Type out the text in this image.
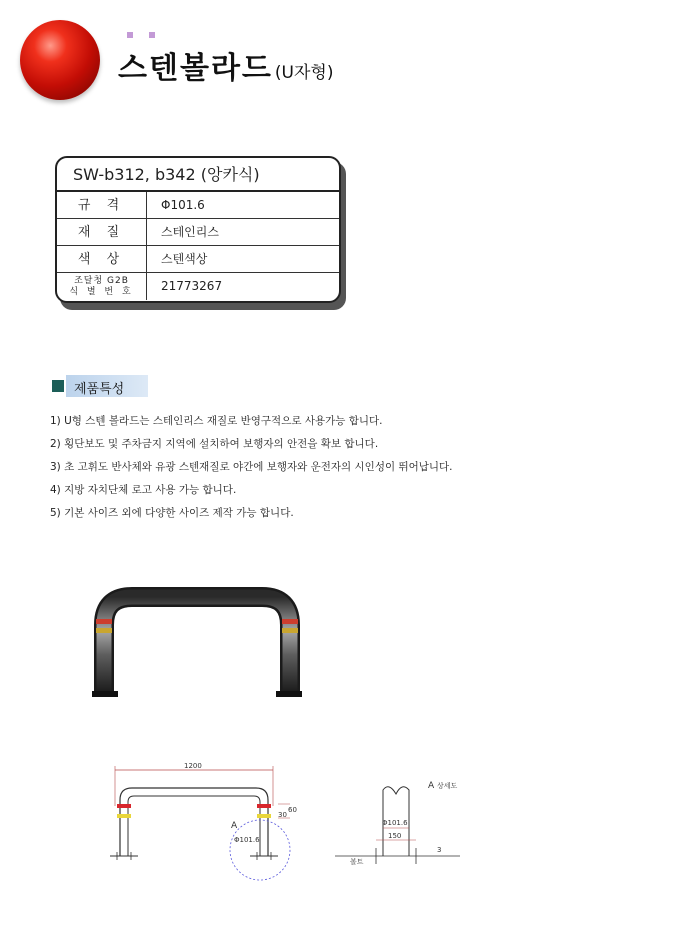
스텐볼라드 (U자형)
SW-b312, b342 (앙카식)
규 격	Φ101.6
재 질	스테인리스
색 상	스텐색상
조달청 G2B
식 별 번 호	21773267
제품특성
1) U형 스텐 볼라드는 스테인리스 재질로 반영구적으로 사용가능 합니다.
2) 횡단보도 및 주차금지 지역에 설치하여 보행자의 안전을 확보 합니다.
3) 초 고휘도 반사체와 유광 스텐재질로 야간에 보행자와 운전자의 시인성이 뛰어납니다.
4) 지방 자치단체 로고 사용 가능 합니다.
5) 기본 사이즈 외에 다양한 사이즈 제작 가능 합니다.
1200
30
60
A
Φ101.6
A 상세도
Φ101.6
150
3
볼트
